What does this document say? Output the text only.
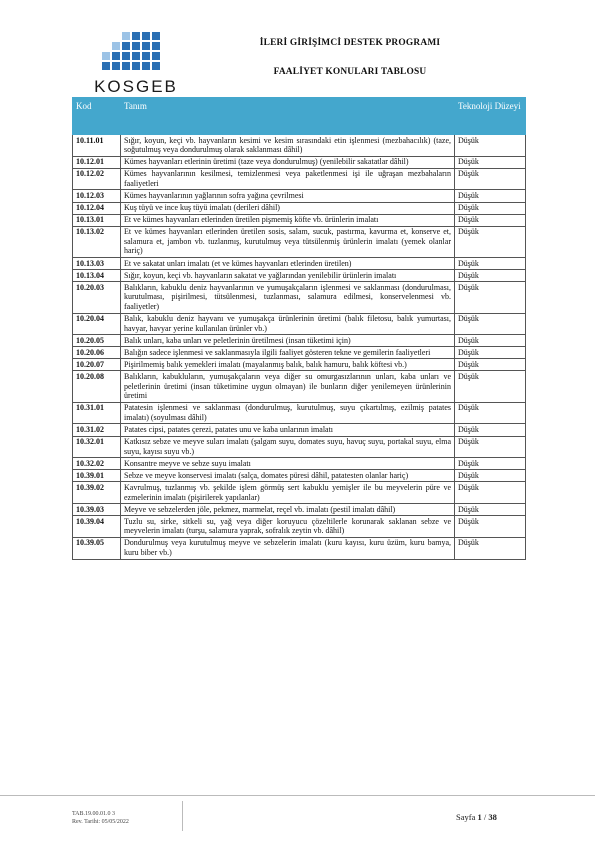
KOSGEB
İLERİ GİRİŞİMCİ DESTEK PROGRAMI
FAALİYET KONULARI TABLOSU
Kod	Tanım	Teknoloji Düzeyi
10.11.01	Sığır, koyun, keçi vb. hayvanların kesimi ve kesim sırasındaki etin işlenmesi (mezbahacılık) (taze, soğutulmuş veya dondurulmuş olarak saklanması dâhil)	Düşük
10.12.01	Kümes hayvanları etlerinin üretimi (taze veya dondurulmuş) (yenilebilir sakatatlar dâhil)	Düşük
10.12.02	Kümes hayvanlarının kesilmesi, temizlenmesi veya paketlenmesi işi ile uğraşan mezbahaların faaliyetleri	Düşük
10.12.03	Kümes hayvanlarının yağlarının sofra yağına çevrilmesi	Düşük
10.12.04	Kuş tüyü ve ince kuş tüyü imalatı (derileri dâhil)	Düşük
10.13.01	Et ve kümes hayvanları etlerinden üretilen pişmemiş köfte vb. ürünlerin imalatı	Düşük
10.13.02	Et ve kümes hayvanları etlerinden üretilen sosis, salam, sucuk, pastırma, kavurma et, konserve et, salamura et, jambon vb. tuzlanmış, kurutulmuş veya tütsülenmiş ürünlerin imalatı (yemek olanlar hariç)	Düşük
10.13.03	Et ve sakatat unları imalatı (et ve kümes hayvanları etlerinden üretilen)	Düşük
10.13.04	Sığır, koyun, keçi vb. hayvanların sakatat ve yağlarından yenilebilir ürünlerin imalatı	Düşük
10.20.03	Balıkların, kabuklu deniz hayvanlarının ve yumuşakçaların işlenmesi ve saklanması (dondurulması, kurutulması, pişirilmesi, tütsülenmesi, tuzlanması, salamura edilmesi, konservelenmesi vb. faaliyetler)	Düşük
10.20.04	Balık, kabuklu deniz hayvanı ve yumuşakça ürünlerinin üretimi (balık filetosu, balık yumurtası, havyar, havyar yerine kullanılan ürünler vb.)	Düşük
10.20.05	Balık unları, kaba unları ve peletlerinin üretilmesi (insan tüketimi için)	Düşük
10.20.06	Balığın sadece işlenmesi ve saklanmasıyla ilgili faaliyet gösteren tekne ve gemilerin faaliyetleri	Düşük
10.20.07	Pişirilmemiş balık yemekleri imalatı (mayalanmış balık, balık hamuru, balık köftesi vb.)	Düşük
10.20.08	Balıkların, kabukluların, yumuşakçaların veya diğer su omurgasızlarının unları, kaba unları ve peletlerinin üretimi (insan tüketimine uygun olmayan) ile bunların diğer yenilemeyen ürünlerinin üretimi	Düşük
10.31.01	Patatesin işlenmesi ve saklanması (dondurulmuş, kurutulmuş, suyu çıkartılmış, ezilmiş patates imalatı) (soyulması dâhil)	Düşük
10.31.02	Patates cipsi, patates çerezi, patates unu ve kaba unlarının imalatı	Düşük
10.32.01	Katkısız sebze ve meyve suları imalatı (şalgam suyu, domates suyu, havuç suyu, portakal suyu, elma suyu, kayısı suyu vb.)	Düşük
10.32.02	Konsantre meyve ve sebze suyu imalatı	Düşük
10.39.01	Sebze ve meyve konservesi imalatı (salça, domates püresi dâhil, patatesten olanlar hariç)	Düşük
10.39.02	Kavrulmuş, tuzlanmış vb. şekilde işlem görmüş sert kabuklu yemişler ile bu meyvelerin püre ve ezmelerinin imalatı (pişirilerek yapılanlar)	Düşük
10.39.03	Meyve ve sebzelerden jöle, pekmez, marmelat, reçel vb. imalatı (pestil imalatı dâhil)	Düşük
10.39.04	Tuzlu su, sirke, sitkeli su, yağ veya diğer koruyucu çözeltilerle korunarak saklanan sebze ve meyvelerin imalatı (turşu, salamura yaprak, sofralık zeytin vb. dâhil)	Düşük
10.39.05	Dondurulmuş veya kurutulmuş meyve ve sebzelerin imalatı (kuru kayısı, kuru üzüm, kuru bamya, kuru biber vb.)	Düşük
TAB.19.00.01.0 3
Rev. Tarihi: 05/05/2022	Sayfa 1 / 38
